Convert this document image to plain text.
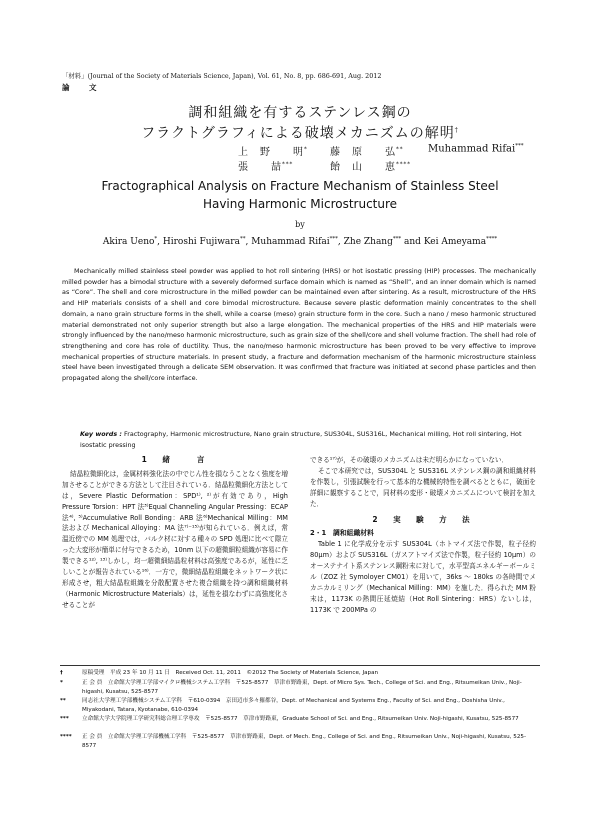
「材料」(Journal of the Society of Materials Science, Japan), Vol. 61, No. 8, pp. 686-691, Aug. 2012
論　文
調和組織を有するステンレス鋼の
フラクトグラフィによる破壊メカニズムの解明†
上　野　　明* 藤　原　　弘** Muhammad Rifai***
張　　喆***	飴　山　　恵****
Fractographical Analysis on Fracture Mechanism of Stainless Steel
Having Harmonic Microstructure
by
Akira Ueno*, Hiroshi Fujiwara**, Muhammad Rifai***, Zhe Zhang*** and Kei Ameyama****
Mechanically milled stainless steel powder was applied to hot roll sintering (HRS) or hot isostatic pressing (HIP) processes. The mechanically milled powder has a bimodal structure with a severely deformed surface domain which is named as “Shell”, and an inner domain which is named as “Core”. The shell and core microstructure in the milled powder can be maintained even after sintering. As a result, microstructure of the HRS and HIP materials consists of a shell and core bimodal microstructure. Because severe plastic deformation mainly concentrates to the shell domain, a nano grain structure forms in the shell, while a coarse (meso) grain structure form in the core. Such a nano / meso harmonic structured material demonstrated not only superior strength but also a large elongation. The mechanical properties of the HRS and HIP materials were strongly influenced by the nano/meso harmonic microstructure, such as grain size of the shell/core and shell volume fraction. The shell had role of strengthening and core has role of ductility. Thus, the nano/meso harmonic microstructure has been proved to be very effective to improve mechanical properties of structure materials. In present study, a fracture and deformation mechanism of the harmonic microstructure stainless steel have been investigated through a delicate SEM observation. It was confirmed that fracture was initiated at second phase particles and then propagated along the shell/core interface.
Key words : Fractography, Harmonic microstructure, Nano grain structure, SUS304L, SUS316L, Mechanical milling, Hot roll sintering, Hot isostatic pressing
1　緒　　言

結晶粒微細化は，金属材料強化法の中でじん性を損なうことなく強度を増加させることができる方法として注目されている．結晶粒微細化方法としては，Severe Plastic Deformation：SPD¹⁾, ²⁾が有効であり，High Pressure Torsion：HPT 法³⁾Equal Channeling Angular Pressing：ECAP 法⁴⁾, ⁵⁾Accumulative Roll Bonding：ARB 法⁶⁾Mechanical Milling：MM 法および Mechanical Alloying：MA 法⁷⁾⁻¹⁵⁾が知られている．例えば，常温近傍での MM 処理では，バルク材に対する種々の SPD 処理に比べて際立った大変形が簡単に付与できるため，10nm 以下の超微細粒組織が容易に作製できる¹²⁾, ¹³⁾しかし，均一超微細結晶粒材料は高強度であるが，延性に乏しいことが報告されている¹⁶⁾．一方で，微細結晶粒組織をネットワーク状に形成させ，粗大結晶粒組織を分散配置させた複合組織を持つ調和組織材料（Harmonic Microstructure Materials）は，延性を損なわずに高強度化させることが

できる¹⁷⁾が，その破壊のメカニズムは未だ明らかになっていない．

そこで本研究では，SUS304L と SUS316L ステンレス鋼の調和組織材料を作製し，引張試験を行って基本的な機械的特性を調べるとともに，破面を詳細に観察することで，同材料の変形・破壊メカニズムについて検討を加えた．

2　実　験　方　法
2・1　調和組織材料

Table 1 に化学成分を示す SUS304L（ホトマイズ法で作製，粒子径約 80μm）および SUS316L（ガスアトマイズ法で作製，粒子径約 10μm）のオーステナイト系ステンレス鋼粉末に対して，水平型高エネルギーボールミル（ZOZ 社 Symoloyer CM01）を用いて，36ks ～ 180ks の各時間でメカニカルミリング（Mechanical Milling：MM）を施した．得られた MM 粉末は，1173K の熱間圧延焼結（Hot Roll Sintering：HRS）ないしは，1173K で 200MPa の

†	原稿受理　平成 23 年 10 月 11 日　Received Oct. 11, 2011　©2012 The Society of Materials Science, Japan
*	正 会 員　立命館大学理工学部マイクロ機械システム工学科　〒525-8577　草津市野路東，Dept. of Micro Sys. Tech., College of Sci. and Eng., Ritsumeikan Univ., Noji-higashi, Kusatsu, 525-8577
**	同志社大学理工学部機械システム工学科　〒610-0394　京田辺市多々羅都谷，Dept. of Mechanical and Systems Eng., Faculty of Sci. and Eng., Doshisha Univ., Miyakodani, Tatara, Kyotanabe, 610-0394
*** 立命館大学大学院理工学研究科総合理工学専攻　〒525-8577　草津市野路東，Graduate School of Sci. and Eng., Ritsumeikan Univ. Noji-higashi, Kusatsu, 525-8577
**** 正 会 員　立命館大学理工学部機械工学科　〒525-8577　草津市野路東，Dept. of Mech. Eng., College of Sci. and Eng., Ritsumeikan Univ., Noji-higashi, Kusatsu, 525-8577
